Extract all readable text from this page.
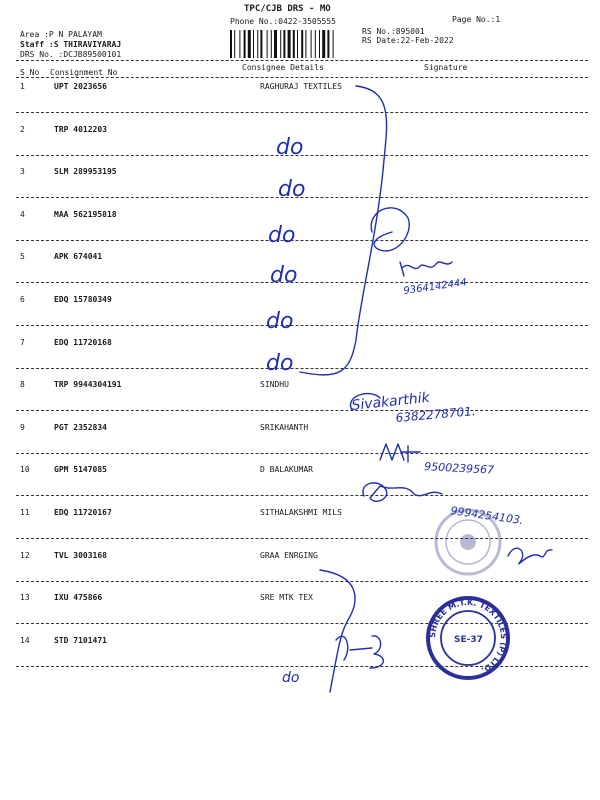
TPC/CJB DRS - MO
Phone No.:0422-3505555	Page No.:1
Area :P N PALAYAM
Staff :S THIRAVIYARAJ
DRS No. :DCJB89500101
RS No.:895001
RS Date:22-Feb-2022
S No Consignment No
Consignee Details	Signature
1	UPT 2023656	RAGHURAJ TEXTILES
2	TRP 4012203
3	SLM 289953195
4	MAA 562195818
5	APK 674041
6	EDQ 15780349
7	EDQ 11720168
8	TRP 9944304191	SINDHU
9	PGT 2352834	SRIKAHANTH
10	GPM 5147085	D BALAKUMAR
11	EDQ 11720167	SITHALAKSHMI MILS
12	TVL 3003168	GRAA ENRGING
13	IXU 475866	SRE MTK TEX
14	STD 7101471
do
do
do
do
do
do
9364142444
Sivakarthik
6382278701.
9500239567
9994254103.
do
SHREE M.T.K. TEXTILES (P) LTD.
SE-37
